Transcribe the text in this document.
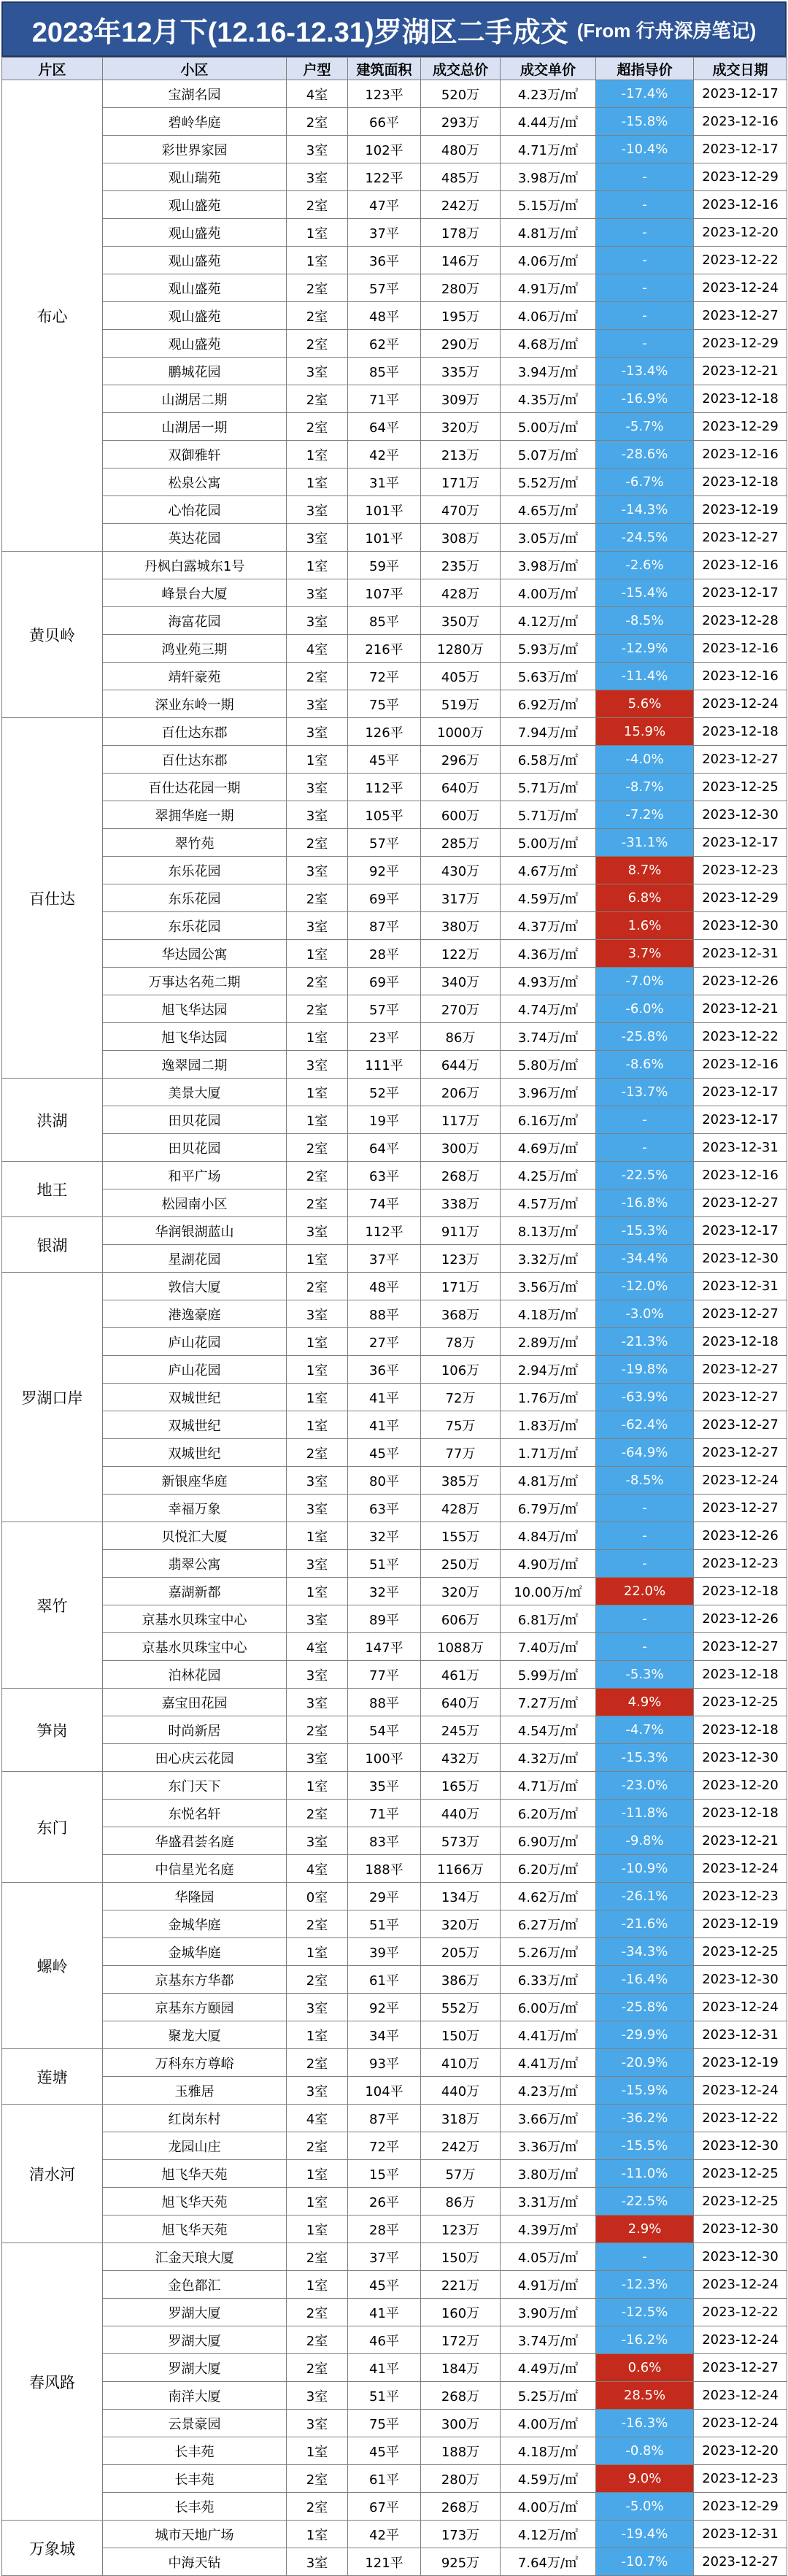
2023年12月下(12.16-12.31)罗湖区二手成交 (From 行舟深房笔记)
片区	小区	户型	建筑面积	成交总价	成交单价	超指导价	成交日期
布心	宝湖名园	4室	123平	520万	4.23万/㎡	-17.4%	2023-12-17
	碧岭华庭	2室	66平	293万	4.44万/㎡	-15.8%	2023-12-16
	彩世界家园	3室	102平	480万	4.71万/㎡	-10.4%	2023-12-17
	观山瑞苑	3室	122平	485万	3.98万/㎡	-	2023-12-29
	观山盛苑	2室	47平	242万	5.15万/㎡	-	2023-12-16
	观山盛苑	1室	37平	178万	4.81万/㎡	-	2023-12-20
	观山盛苑	1室	36平	146万	4.06万/㎡	-	2023-12-22
	观山盛苑	2室	57平	280万	4.91万/㎡	-	2023-12-24
	观山盛苑	2室	48平	195万	4.06万/㎡	-	2023-12-27
	观山盛苑	2室	62平	290万	4.68万/㎡	-	2023-12-29
	鹏城花园	3室	85平	335万	3.94万/㎡	-13.4%	2023-12-21
	山湖居二期	2室	71平	309万	4.35万/㎡	-16.9%	2023-12-18
	山湖居一期	2室	64平	320万	5.00万/㎡	-5.7%	2023-12-29
	双御雅轩	1室	42平	213万	5.07万/㎡	-28.6%	2023-12-16
	松泉公寓	1室	31平	171万	5.52万/㎡	-6.7%	2023-12-18
	心怡花园	3室	101平	470万	4.65万/㎡	-14.3%	2023-12-19
	英达花园	3室	101平	308万	3.05万/㎡	-24.5%	2023-12-27
黄贝岭	丹枫白露城东1号	1室	59平	235万	3.98万/㎡	-2.6%	2023-12-16
	峰景台大厦	3室	107平	428万	4.00万/㎡	-15.4%	2023-12-17
	海富花园	3室	85平	350万	4.12万/㎡	-8.5%	2023-12-28
	鸿业苑三期	4室	216平	1280万	5.93万/㎡	-12.9%	2023-12-16
	靖轩豪苑	2室	72平	405万	5.63万/㎡	-11.4%	2023-12-16
	深业东岭一期	3室	75平	519万	6.92万/㎡	5.6%	2023-12-24
百仕达	百仕达东郡	3室	126平	1000万	7.94万/㎡	15.9%	2023-12-18
	百仕达东郡	1室	45平	296万	6.58万/㎡	-4.0%	2023-12-27
	百仕达花园一期	3室	112平	640万	5.71万/㎡	-8.7%	2023-12-25
	翠拥华庭一期	3室	105平	600万	5.71万/㎡	-7.2%	2023-12-30
	翠竹苑	2室	57平	285万	5.00万/㎡	-31.1%	2023-12-17
	东乐花园	3室	92平	430万	4.67万/㎡	8.7%	2023-12-23
	东乐花园	2室	69平	317万	4.59万/㎡	6.8%	2023-12-29
	东乐花园	3室	87平	380万	4.37万/㎡	1.6%	2023-12-30
	华达园公寓	1室	28平	122万	4.36万/㎡	3.7%	2023-12-31
	万事达名苑二期	2室	69平	340万	4.93万/㎡	-7.0%	2023-12-26
	旭飞华达园	2室	57平	270万	4.74万/㎡	-6.0%	2023-12-21
	旭飞华达园	1室	23平	86万	3.74万/㎡	-25.8%	2023-12-22
	逸翠园二期	3室	111平	644万	5.80万/㎡	-8.6%	2023-12-16
洪湖	美景大厦	1室	52平	206万	3.96万/㎡	-13.7%	2023-12-17
	田贝花园	1室	19平	117万	6.16万/㎡	-	2023-12-17
	田贝花园	2室	64平	300万	4.69万/㎡	-	2023-12-31
地王	和平广场	2室	63平	268万	4.25万/㎡	-22.5%	2023-12-16
	松园南小区	2室	74平	338万	4.57万/㎡	-16.8%	2023-12-27
银湖	华润银湖蓝山	3室	112平	911万	8.13万/㎡	-15.3%	2023-12-17
	星湖花园	1室	37平	123万	3.32万/㎡	-34.4%	2023-12-30
罗湖口岸	敦信大厦	2室	48平	171万	3.56万/㎡	-12.0%	2023-12-31
	港逸豪庭	3室	88平	368万	4.18万/㎡	-3.0%	2023-12-27
	庐山花园	1室	27平	78万	2.89万/㎡	-21.3%	2023-12-18
	庐山花园	1室	36平	106万	2.94万/㎡	-19.8%	2023-12-27
	双城世纪	1室	41平	72万	1.76万/㎡	-63.9%	2023-12-27
	双城世纪	1室	41平	75万	1.83万/㎡	-62.4%	2023-12-27
	双城世纪	2室	45平	77万	1.71万/㎡	-64.9%	2023-12-27
	新银座华庭	3室	80平	385万	4.81万/㎡	-8.5%	2023-12-24
	幸福万象	3室	63平	428万	6.79万/㎡	-	2023-12-27
翠竹	贝悦汇大厦	1室	32平	155万	4.84万/㎡	-	2023-12-26
	翡翠公寓	3室	51平	250万	4.90万/㎡	-	2023-12-23
	嘉湖新都	1室	32平	320万	10.00万/㎡	22.0%	2023-12-18
	京基水贝珠宝中心	3室	89平	606万	6.81万/㎡	-	2023-12-26
	京基水贝珠宝中心	4室	147平	1088万	7.40万/㎡	-	2023-12-27
	泊林花园	3室	77平	461万	5.99万/㎡	-5.3%	2023-12-18
笋岗	嘉宝田花园	3室	88平	640万	7.27万/㎡	4.9%	2023-12-25
	时尚新居	2室	54平	245万	4.54万/㎡	-4.7%	2023-12-18
	田心庆云花园	3室	100平	432万	4.32万/㎡	-15.3%	2023-12-30
东门	东门天下	1室	35平	165万	4.71万/㎡	-23.0%	2023-12-20
	东悦名轩	2室	71平	440万	6.20万/㎡	-11.8%	2023-12-18
	华盛君荟名庭	3室	83平	573万	6.90万/㎡	-9.8%	2023-12-21
	中信星光名庭	4室	188平	1166万	6.20万/㎡	-10.9%	2023-12-24
螺岭	华隆园	0室	29平	134万	4.62万/㎡	-26.1%	2023-12-23
	金城华庭	2室	51平	320万	6.27万/㎡	-21.6%	2023-12-19
	金城华庭	1室	39平	205万	5.26万/㎡	-34.3%	2023-12-25
	京基东方华都	2室	61平	386万	6.33万/㎡	-16.4%	2023-12-30
	京基东方颐园	3室	92平	552万	6.00万/㎡	-25.8%	2023-12-24
	聚龙大厦	1室	34平	150万	4.41万/㎡	-29.9%	2023-12-31
莲塘	万科东方尊峪	2室	93平	410万	4.41万/㎡	-20.9%	2023-12-19
	玉雅居	3室	104平	440万	4.23万/㎡	-15.9%	2023-12-24
清水河	红岗东村	4室	87平	318万	3.66万/㎡	-36.2%	2023-12-22
	龙园山庄	2室	72平	242万	3.36万/㎡	-15.5%	2023-12-30
	旭飞华天苑	1室	15平	57万	3.80万/㎡	-11.0%	2023-12-25
	旭飞华天苑	1室	26平	86万	3.31万/㎡	-22.5%	2023-12-25
	旭飞华天苑	1室	28平	123万	4.39万/㎡	2.9%	2023-12-30
春风路	汇金天琅大厦	2室	37平	150万	4.05万/㎡	-	2023-12-30
	金色都汇	1室	45平	221万	4.91万/㎡	-12.3%	2023-12-24
	罗湖大厦	2室	41平	160万	3.90万/㎡	-12.5%	2023-12-22
	罗湖大厦	2室	46平	172万	3.74万/㎡	-16.2%	2023-12-24
	罗湖大厦	2室	41平	184万	4.49万/㎡	0.6%	2023-12-27
	南洋大厦	3室	51平	268万	5.25万/㎡	28.5%	2023-12-24
	云景豪园	3室	75平	300万	4.00万/㎡	-16.3%	2023-12-24
	长丰苑	1室	45平	188万	4.18万/㎡	-0.8%	2023-12-20
	长丰苑	2室	61平	280万	4.59万/㎡	9.0%	2023-12-23
	长丰苑	2室	67平	268万	4.00万/㎡	-5.0%	2023-12-29
万象城	城市天地广场	1室	42平	173万	4.12万/㎡	-19.4%	2023-12-31
	中海天钻	3室	121平	925万	7.64万/㎡	-10.7%	2023-12-27
